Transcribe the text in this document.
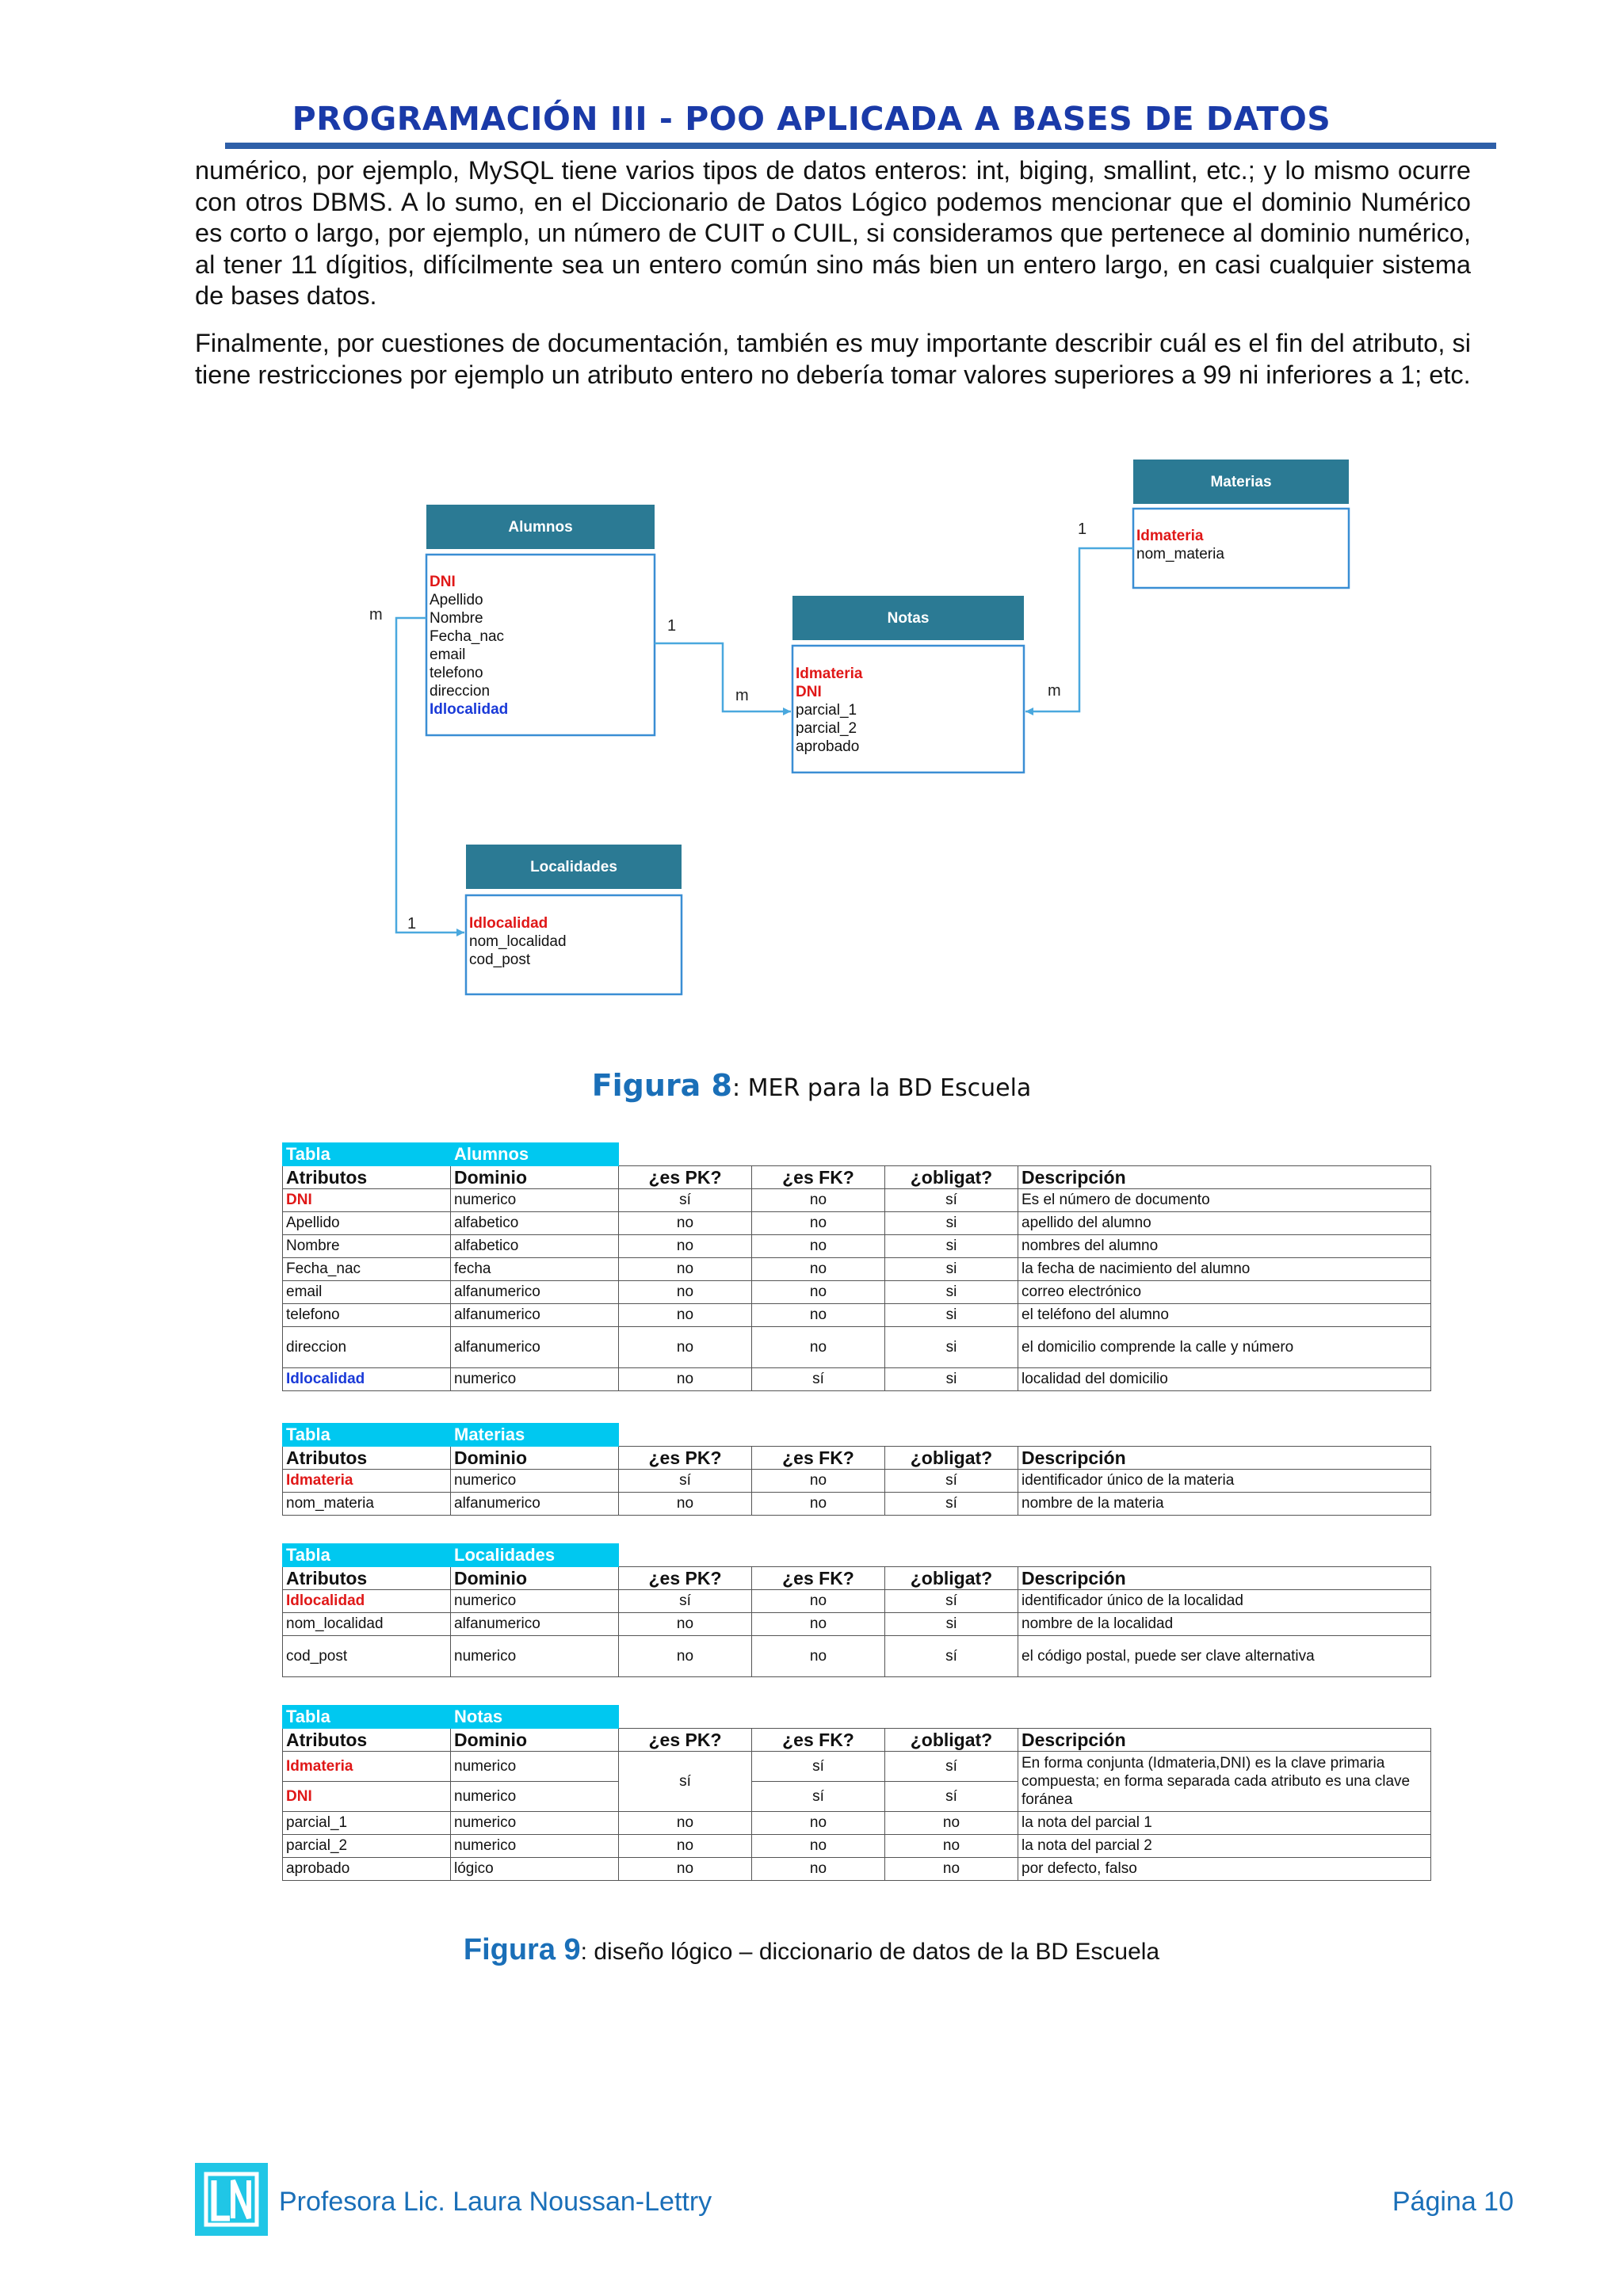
PROGRAMACIÓN III - POO APLICADA A BASES DE DATOS

numérico, por ejemplo, MySQL tiene varios tipos de datos enteros: int, biging, smallint, etc.; y lo mismo ocurre con otros DBMS. A lo sumo, en el Diccionario de Datos Lógico podemos mencionar que el dominio Numérico es corto o largo, por ejemplo, un número de CUIT o CUIL, si consideramos que pertenece al dominio numérico, al tener 11 dígitios, difícilmente sea un entero común sino más bien un entero largo, en casi cualquier sistema de bases datos.

Finalmente, por cuestiones de documentación, también es muy importante describir cuál es el fin del atributo, si tiene restricciones por ejemplo un atributo entero no debería tomar valores superiores a 99 ni inferiores a 1; etc.

Alumnos
DNI
Apellido
Nombre
Fecha_nac
email
telefono
direccion
Idlocalidad
Notas
Idmateria
DNI
parcial_1
parcial_2
aprobado
Materias
Idmateria
nom_materia
Localidades
Idlocalidad
nom_localidad
cod_post
m
1
m	m
1
1
Figura 8: MER para la BD Escuela
Tabla	Alumnos				
Atributos	Dominio	¿es PK?	¿es FK?	¿obligat?	Descripción
DNI	numerico	sí	no	sí	Es el número de documento
Apellido	alfabetico	no	no	si	apellido del alumno
Nombre	alfabetico	no	no	si	nombres del alumno
Fecha_nac	fecha	no	no	si	la fecha de nacimiento del alumno
email	alfanumerico	no	no	si	correo electrónico
telefono	alfanumerico	no	no	si	el teléfono del alumno
direccion	alfanumerico	no	no	si	el domicilio comprende la calle y número
Idlocalidad	numerico	no	sí	si	localidad del domicilio
Tabla	Materias				
Atributos	Dominio	¿es PK?	¿es FK?	¿obligat?	Descripción
Idmateria	numerico	sí	no	sí	identificador único de la materia
nom_materia	alfanumerico	no	no	sí	nombre de la materia
Tabla	Localidades				
Atributos	Dominio	¿es PK?	¿es FK?	¿obligat?	Descripción
Idlocalidad	numerico	sí	no	sí	identificador único de la localidad
nom_localidad	alfanumerico	no	no	si	nombre de la localidad
cod_post	numerico	no	no	sí	el código postal, puede ser clave alternativa
Tabla	Notas				
Atributos	Dominio	¿es PK?	¿es FK?	¿obligat?	Descripción
Idmateria	numerico	sí	sí	sí	En forma conjunta (Idmateria,DNI) es la clave primaria compuesta; en forma separada cada atributo es una clave foránea
DNI	numerico		sí	sí	
parcial_1	numerico	no	no	no	la nota del parcial 1
parcial_2	numerico	no	no	no	la nota del parcial 2
aprobado	lógico	no	no	no	por defecto, falso
Figura 9: diseño lógico – diccionario de datos de la BD Escuela
Profesora Lic. Laura Noussan-Lettry	Página 10
